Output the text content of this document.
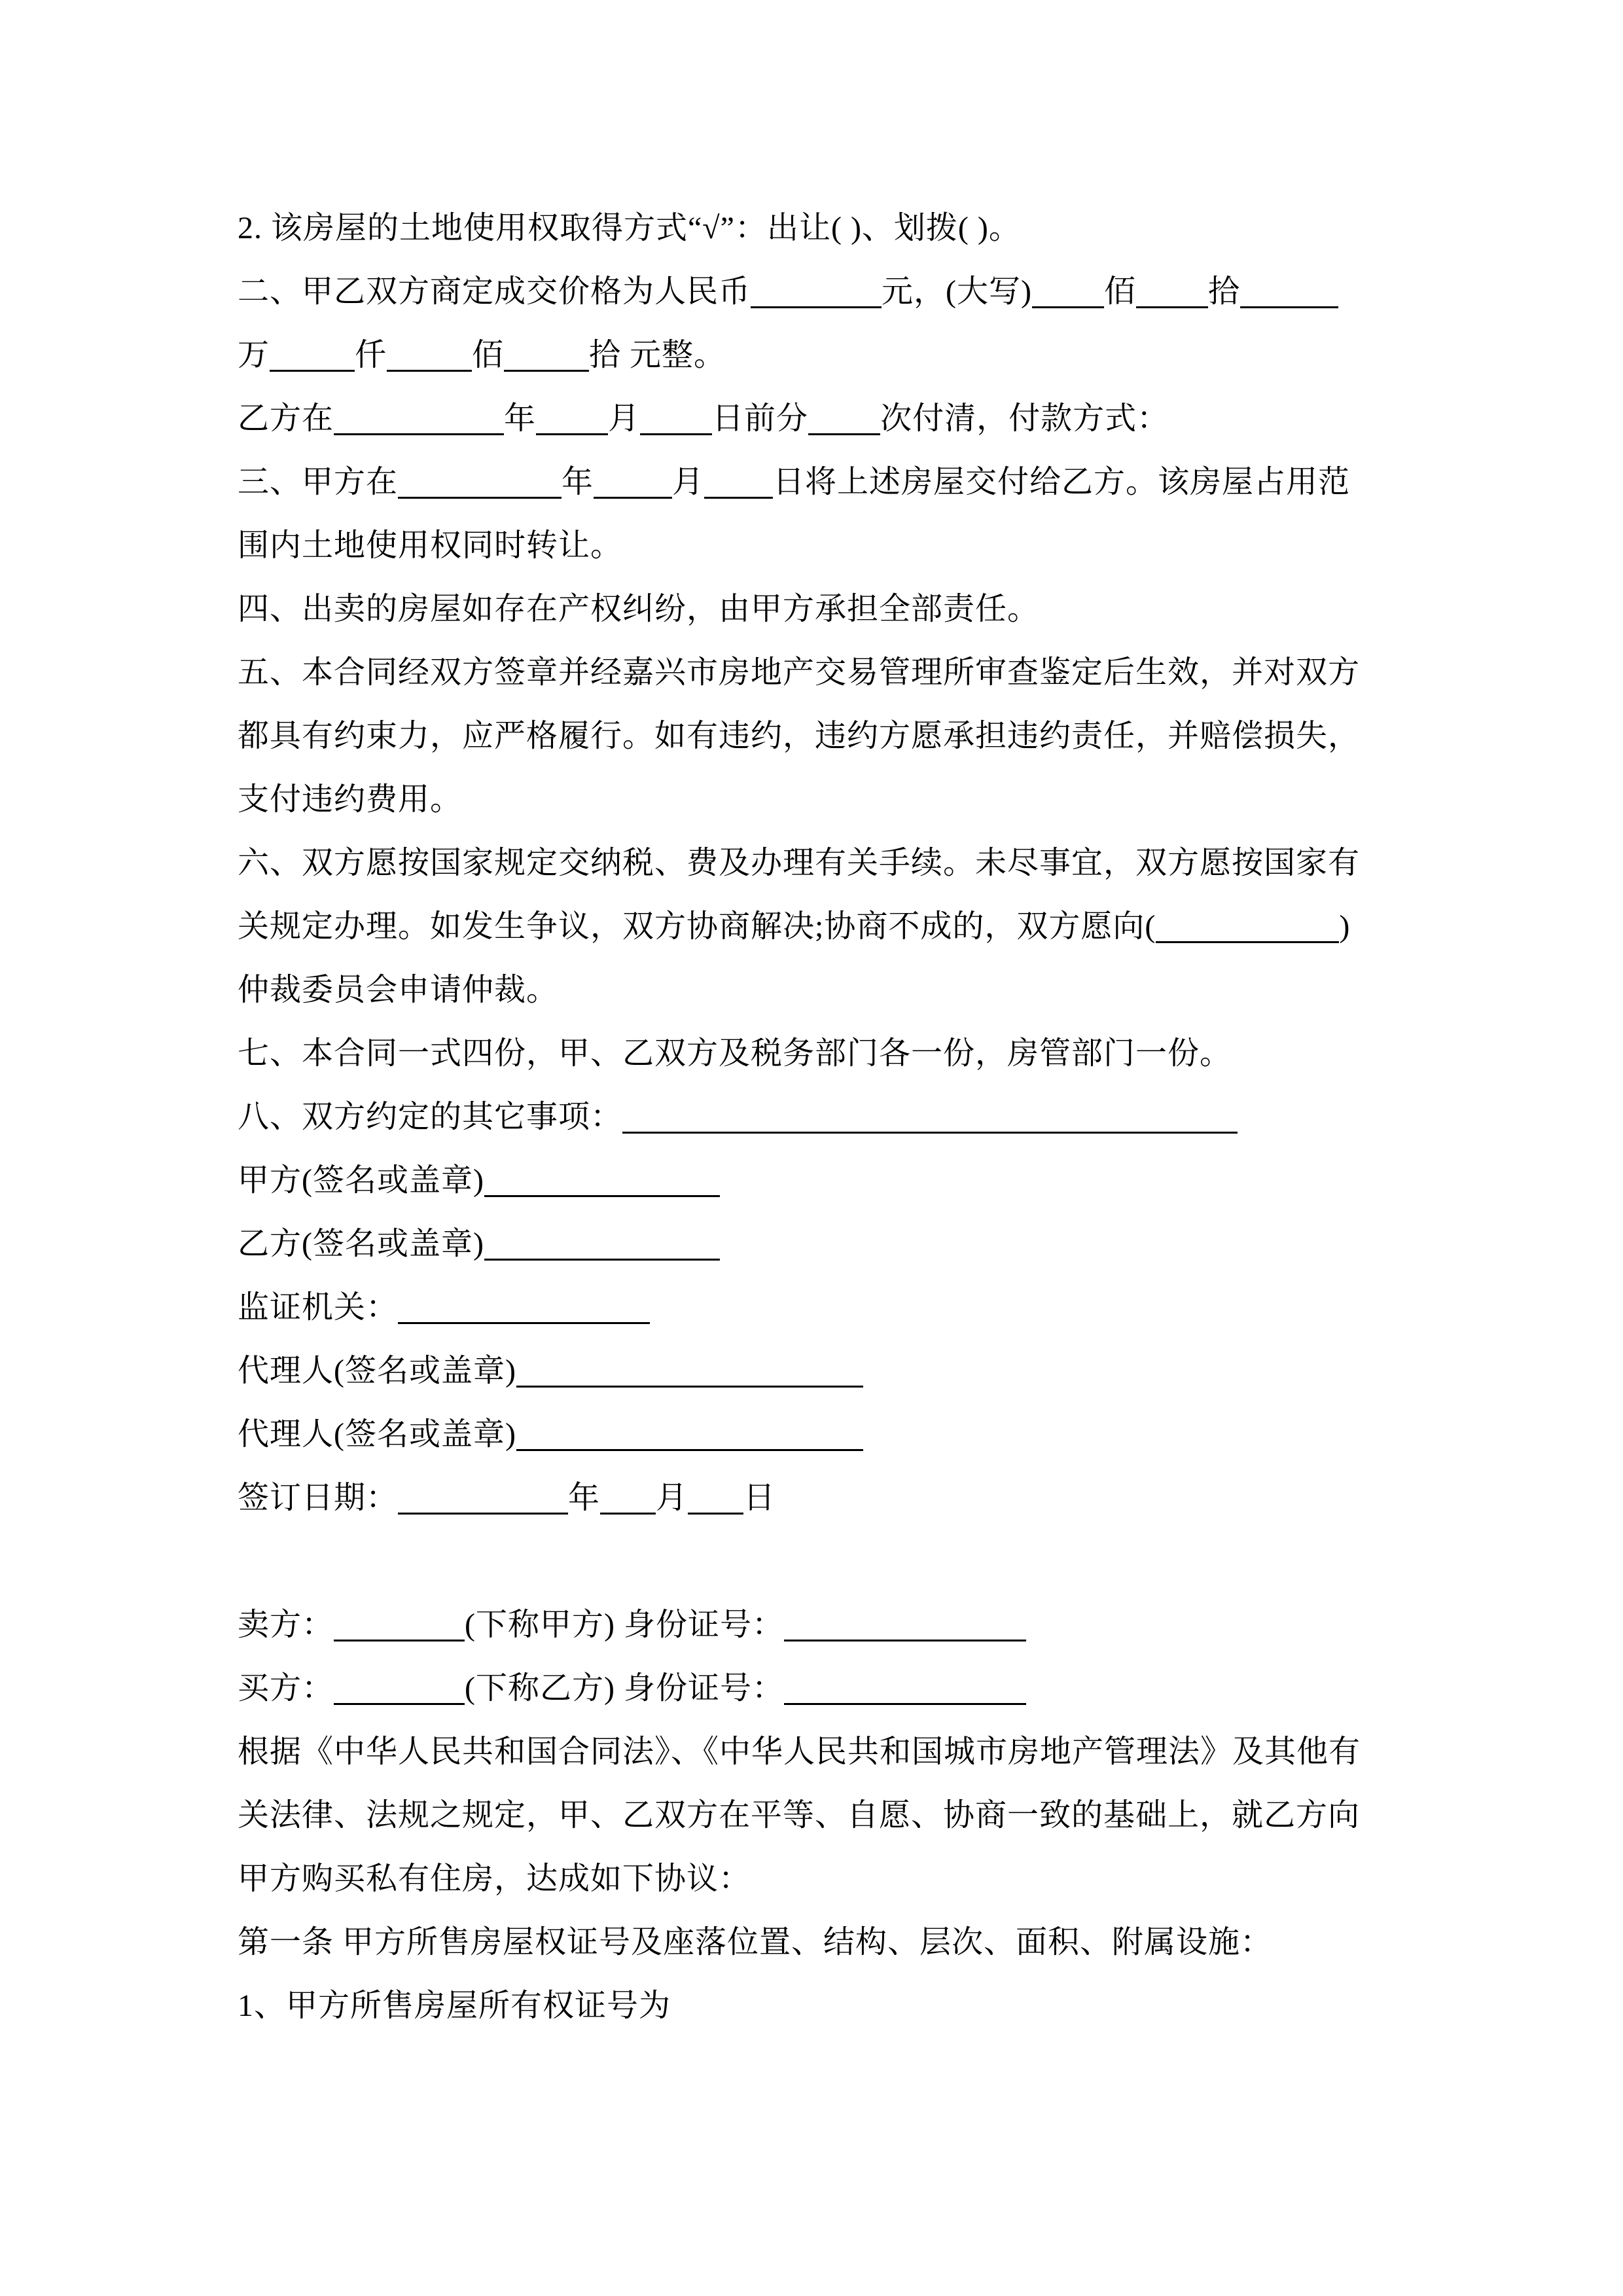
2. 该房屋的土地使用权取得方式“√”：出让( )、划拨( )。
二、甲乙双方商定成交价格为人民币	元，(大写) 佰 拾
万	仟	佰	拾 元整。
乙方在	年 月 日前分 次付清，付款方式：
三、甲方在	年	月 日将上述房屋交付给乙方。该房屋占用范
围内土地使用权同时转让。
四、出卖的房屋如存在产权纠纷，由甲方承担全部责任。
五、本合同经双方签章并经嘉兴市房地产交易管理所审查鉴定后生效，并对双方
都具有约束力，应严格履行。如有违约，违约方愿承担违约责任，并赔偿损失，
支付违约费用。
六、双方愿按国家规定交纳税、费及办理有关手续。未尽事宜，双方愿按国家有
关规定办理。如发生争议，双方协商解决;协商不成的，双方愿向(	)
仲裁委员会申请仲裁。
七、本合同一式四份，甲、乙双方及税务部门各一份，房管部门一份。
八、双方约定的其它事项：
甲方(签名或盖章)
乙方(签名或盖章)
监证机关：
代理人(签名或盖章)
代理人(签名或盖章)
签订日期：	年 月 日
卖方：	(下称甲方) 身份证号：
买方：	(下称乙方) 身份证号：
根据《中华人民共和国合同法》、《中华人民共和国城市房地产管理法》及其他有
关法律、法规之规定，甲、乙双方在平等、自愿、协商一致的基础上，就乙方向
甲方购买私有住房，达成如下协议：
第一条 甲方所售房屋权证号及座落位置、结构、层次、面积、附属设施：
1、甲方所售房屋所有权证号为
